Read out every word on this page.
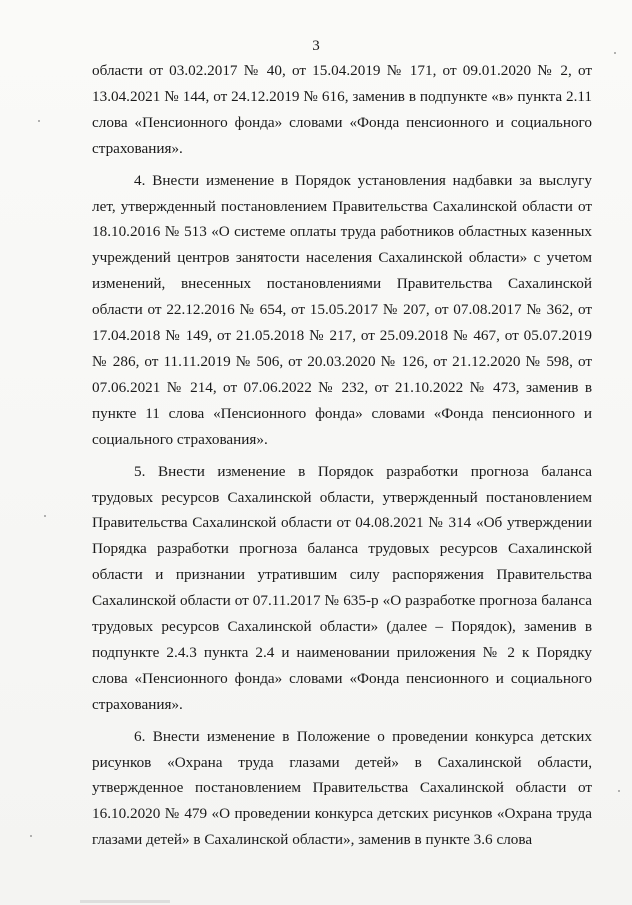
3

области от 03.02.2017 № 40, от 15.04.2019 № 171, от 09.01.2020 № 2, от 13.04.2021 № 144, от 24.12.2019 № 616, заменив в подпункте «в» пункта 2.11 слова «Пенсионного фонда» словами «Фонда пенсионного и социального страхования».

4. Внести изменение в Порядок установления надбавки за выслугу лет, утвержденный постановлением Правительства Сахалинской области от 18.10.2016 № 513 «О системе оплаты труда работников областных казенных учреждений центров занятости населения Сахалинской области» с учетом изменений, внесенных постановлениями Правительства Сахалинской области от 22.12.2016 № 654, от 15.05.2017 № 207, от 07.08.2017 № 362, от 17.04.2018 № 149, от 21.05.2018 № 217, от 25.09.2018 № 467, от 05.07.2019 № 286, от 11.11.2019 № 506, от 20.03.2020 № 126, от 21.12.2020 № 598, от 07.06.2021 № 214, от 07.06.2022 № 232, от 21.10.2022 № 473, заменив в пункте 11 слова «Пенсионного фонда» словами «Фонда пенсионного и социального страхования».

5. Внести изменение в Порядок разработки прогноза баланса трудовых ресурсов Сахалинской области, утвержденный постановлением Правительства Сахалинской области от 04.08.2021 № 314 «Об утверждении Порядка разработки прогноза баланса трудовых ресурсов Сахалинской области и признании утратившим силу распоряжения Правительства Сахалинской области от 07.11.2017 № 635-р «О разработке прогноза баланса трудовых ресурсов Сахалинской области» (далее – Порядок), заменив в подпункте 2.4.3 пункта 2.4 и наименовании приложения № 2 к Порядку слова «Пенсионного фонда» словами «Фонда пенсионного и социального страхования».

6. Внести изменение в Положение о проведении конкурса детских рисунков «Охрана труда глазами детей» в Сахалинской области, утвержденное постановлением Правительства Сахалинской области от 16.10.2020 № 479 «О проведении конкурса детских рисунков «Охрана труда глазами детей» в Сахалинской области», заменив в пункте 3.6 слова
